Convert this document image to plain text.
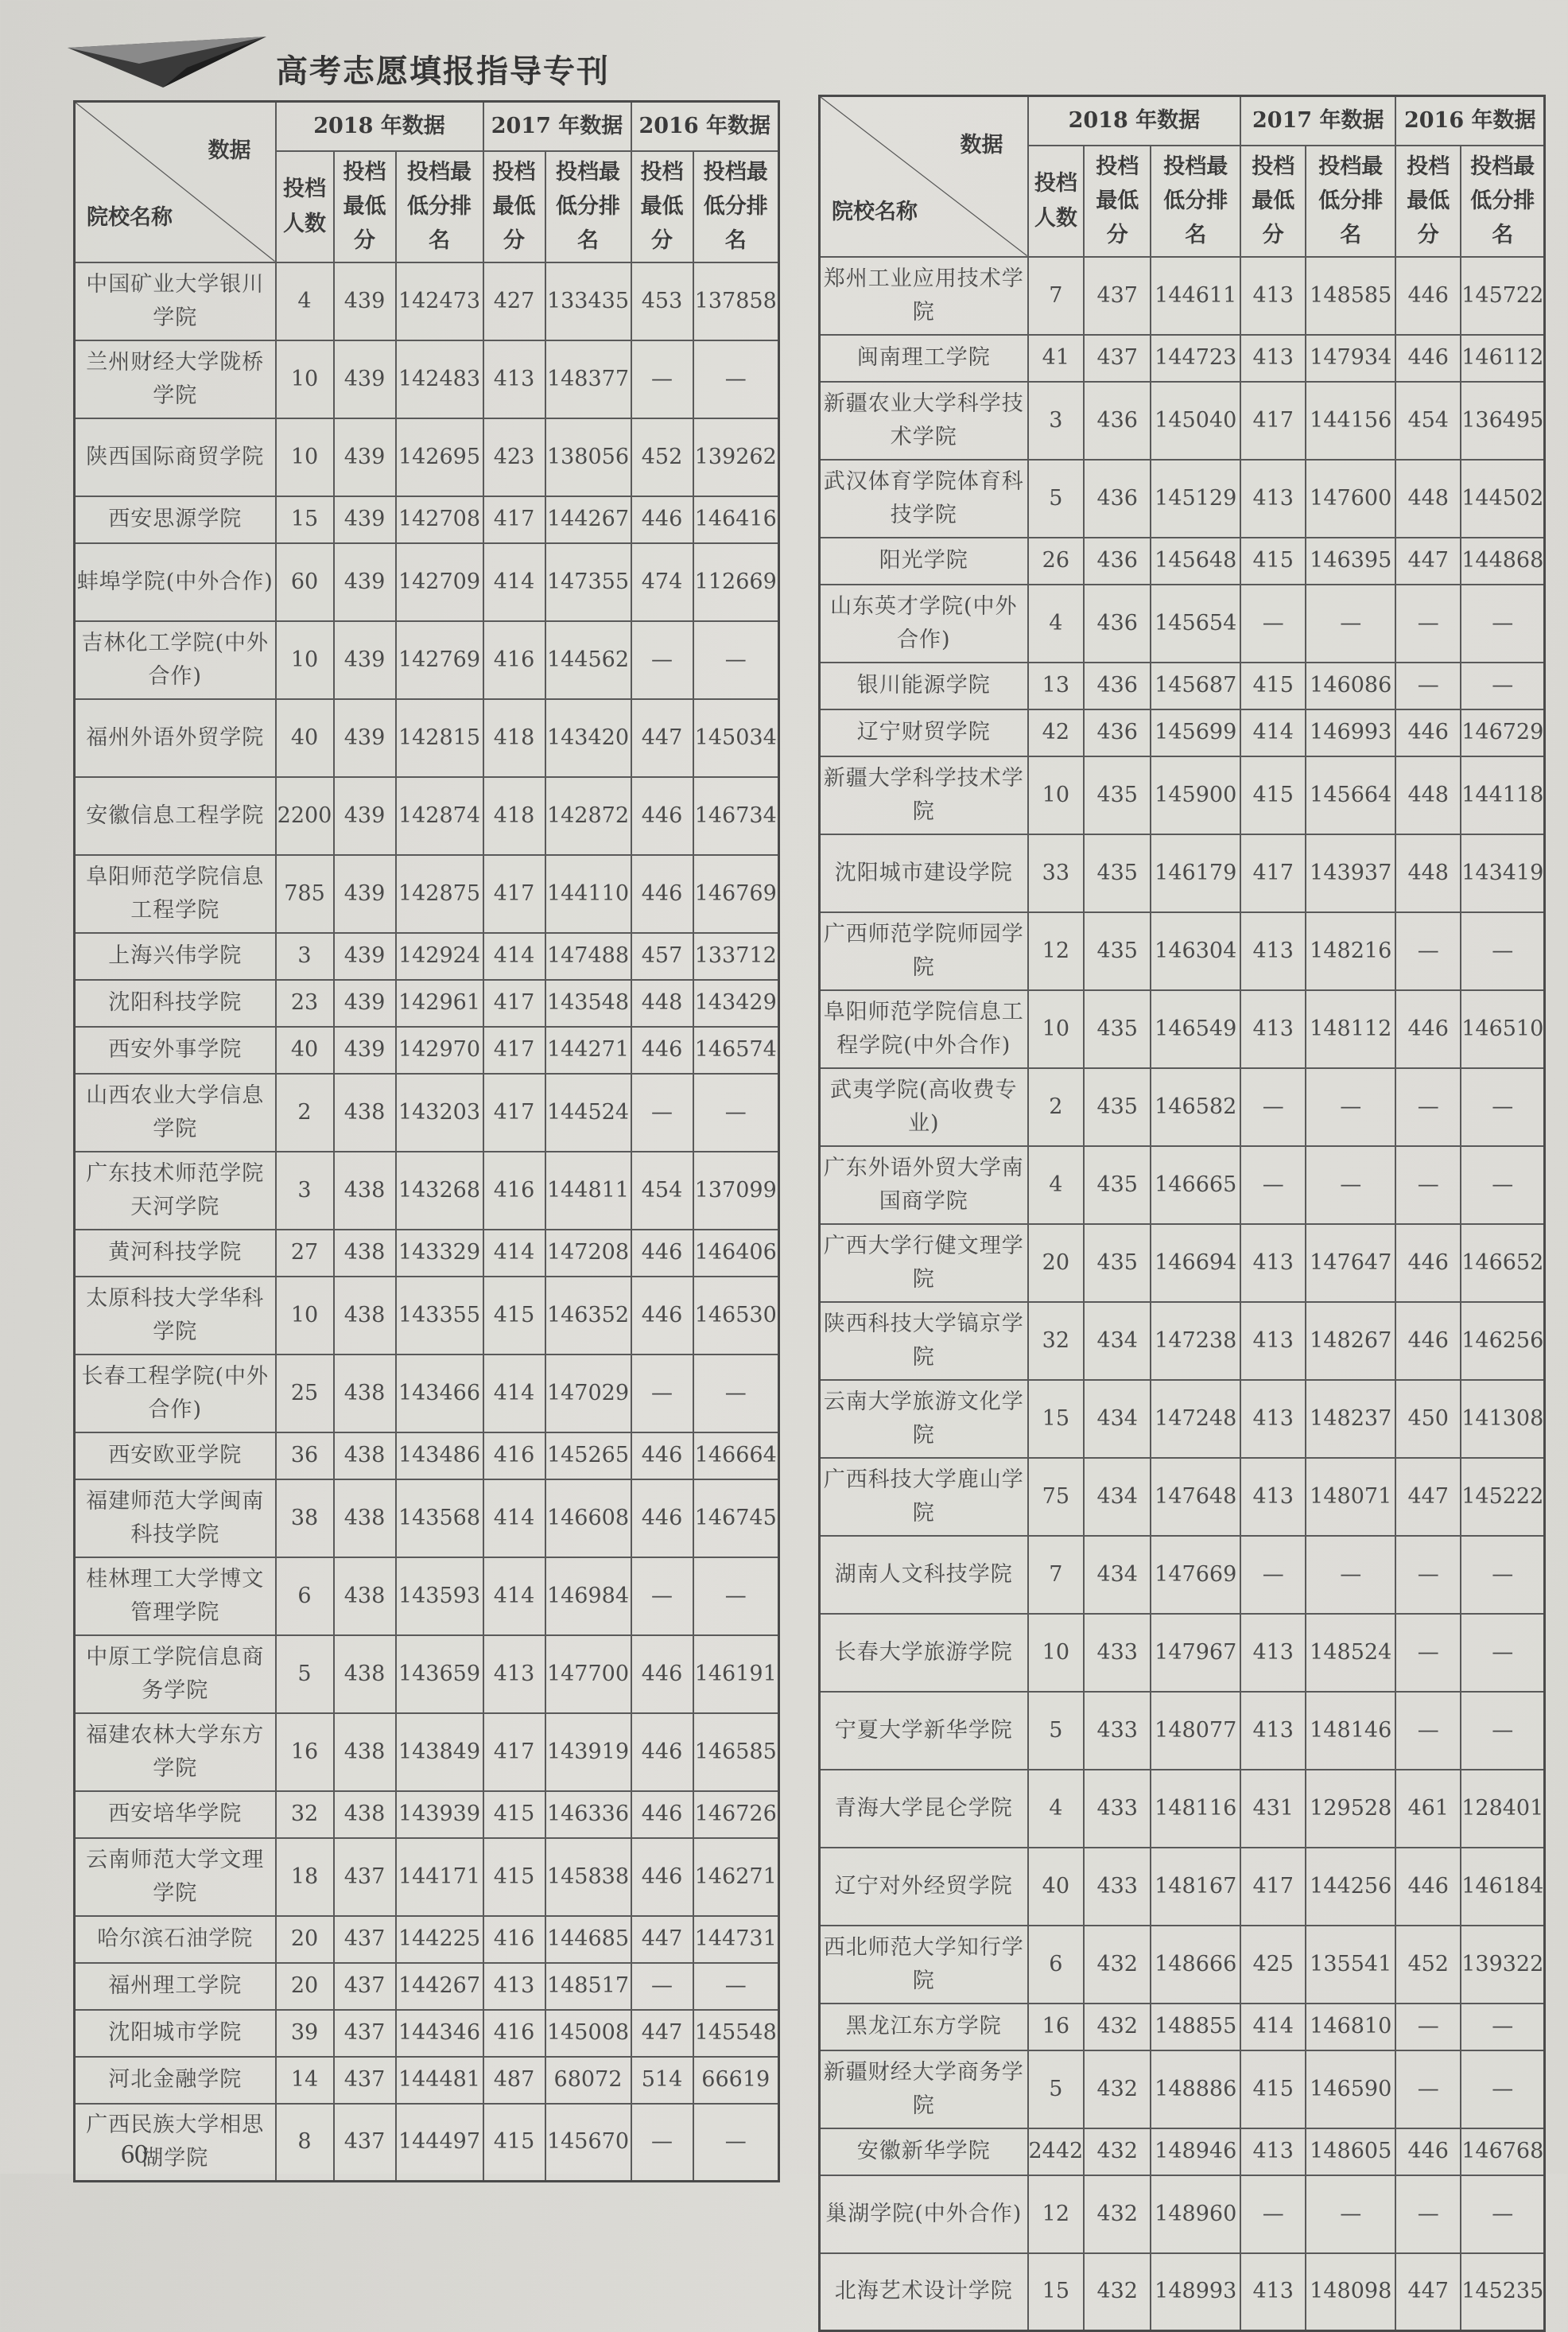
高考志愿填报指导专刊
数据
院校名称	2018 年数据			2017 年数据		2016 年数据	
	投档人数	投档最低分	投档最低分排名	投档最低分	投档最低分排名	投档最低分	投档最低分排名
中国矿业大学银川学院	4	439	142473	427	133435	453	137858
兰州财经大学陇桥学院	10	439	142483	413	148377	—	—
陕西国际商贸学院	10	439	142695	423	138056	452	139262
西安思源学院	15	439	142708	417	144267	446	146416
蚌埠学院(中外合作)	60	439	142709	414	147355	474	112669
吉林化工学院(中外合作)	10	439	142769	416	144562	—	—
福州外语外贸学院	40	439	142815	418	143420	447	145034
安徽信息工程学院	2200	439	142874	418	142872	446	146734
阜阳师范学院信息工程学院	785	439	142875	417	144110	446	146769
上海兴伟学院	3	439	142924	414	147488	457	133712
沈阳科技学院	23	439	142961	417	143548	448	143429
西安外事学院	40	439	142970	417	144271	446	146574
山西农业大学信息学院	2	438	143203	417	144524	—	—
广东技术师范学院天河学院	3	438	143268	416	144811	454	137099
黄河科技学院	27	438	143329	414	147208	446	146406
太原科技大学华科学院	10	438	143355	415	146352	446	146530
长春工程学院(中外合作)	25	438	143466	414	147029	—	—
西安欧亚学院	36	438	143486	416	145265	446	146664
福建师范大学闽南科技学院	38	438	143568	414	146608	446	146745
桂林理工大学博文管理学院	6	438	143593	414	146984	—	—
中原工学院信息商务学院	5	438	143659	413	147700	446	146191
福建农林大学东方学院	16	438	143849	417	143919	446	146585
西安培华学院	32	438	143939	415	146336	446	146726
云南师范大学文理学院	18	437	144171	415	145838	446	146271
哈尔滨石油学院	20	437	144225	416	144685	447	144731
福州理工学院	20	437	144267	413	148517	—	—
沈阳城市学院	39	437	144346	416	145008	447	145548
河北金融学院	14	437	144481	487	68072	514	66619
广西民族大学相思湖学院	8	437	144497	415	145670	—	—
数据
院校名称	2018 年数据			2017 年数据		2016 年数据	
	投档人数	投档最低分	投档最低分排名	投档最低分	投档最低分排名	投档最低分	投档最低分排名
郑州工业应用技术学院	7	437	144611	413	148585	446	145722
闽南理工学院	41	437	144723	413	147934	446	146112
新疆农业大学科学技术学院	3	436	145040	417	144156	454	136495
武汉体育学院体育科技学院	5	436	145129	413	147600	448	144502
阳光学院	26	436	145648	415	146395	447	144868
山东英才学院(中外合作)	4	436	145654	—	—	—	—
银川能源学院	13	436	145687	415	146086	—	—
辽宁财贸学院	42	436	145699	414	146993	446	146729
新疆大学科学技术学院	10	435	145900	415	145664	448	144118
沈阳城市建设学院	33	435	146179	417	143937	448	143419
广西师范学院师园学院	12	435	146304	413	148216	—	—
阜阳师范学院信息工程学院(中外合作)	10	435	146549	413	148112	446	146510
武夷学院(高收费专业)	2	435	146582	—	—	—	—
广东外语外贸大学南国商学院	4	435	146665	—	—	—	—
广西大学行健文理学院	20	435	146694	413	147647	446	146652
陕西科技大学镐京学院	32	434	147238	413	148267	446	146256
云南大学旅游文化学院	15	434	147248	413	148237	450	141308
广西科技大学鹿山学院	75	434	147648	413	148071	447	145222
湖南人文科技学院	7	434	147669	—	—	—	—
长春大学旅游学院	10	433	147967	413	148524	—	—
宁夏大学新华学院	5	433	148077	413	148146	—	—
青海大学昆仑学院	4	433	148116	431	129528	461	128401
辽宁对外经贸学院	40	433	148167	417	144256	446	146184
西北师范大学知行学院	6	432	148666	425	135541	452	139322
黑龙江东方学院	16	432	148855	414	146810	—	—
新疆财经大学商务学院	5	432	148886	415	146590	—	—
安徽新华学院	2442	432	148946	413	148605	446	146768
巢湖学院(中外合作)	12	432	148960	—	—	—	—
北海艺术设计学院	15	432	148993	413	148098	447	145235
60
